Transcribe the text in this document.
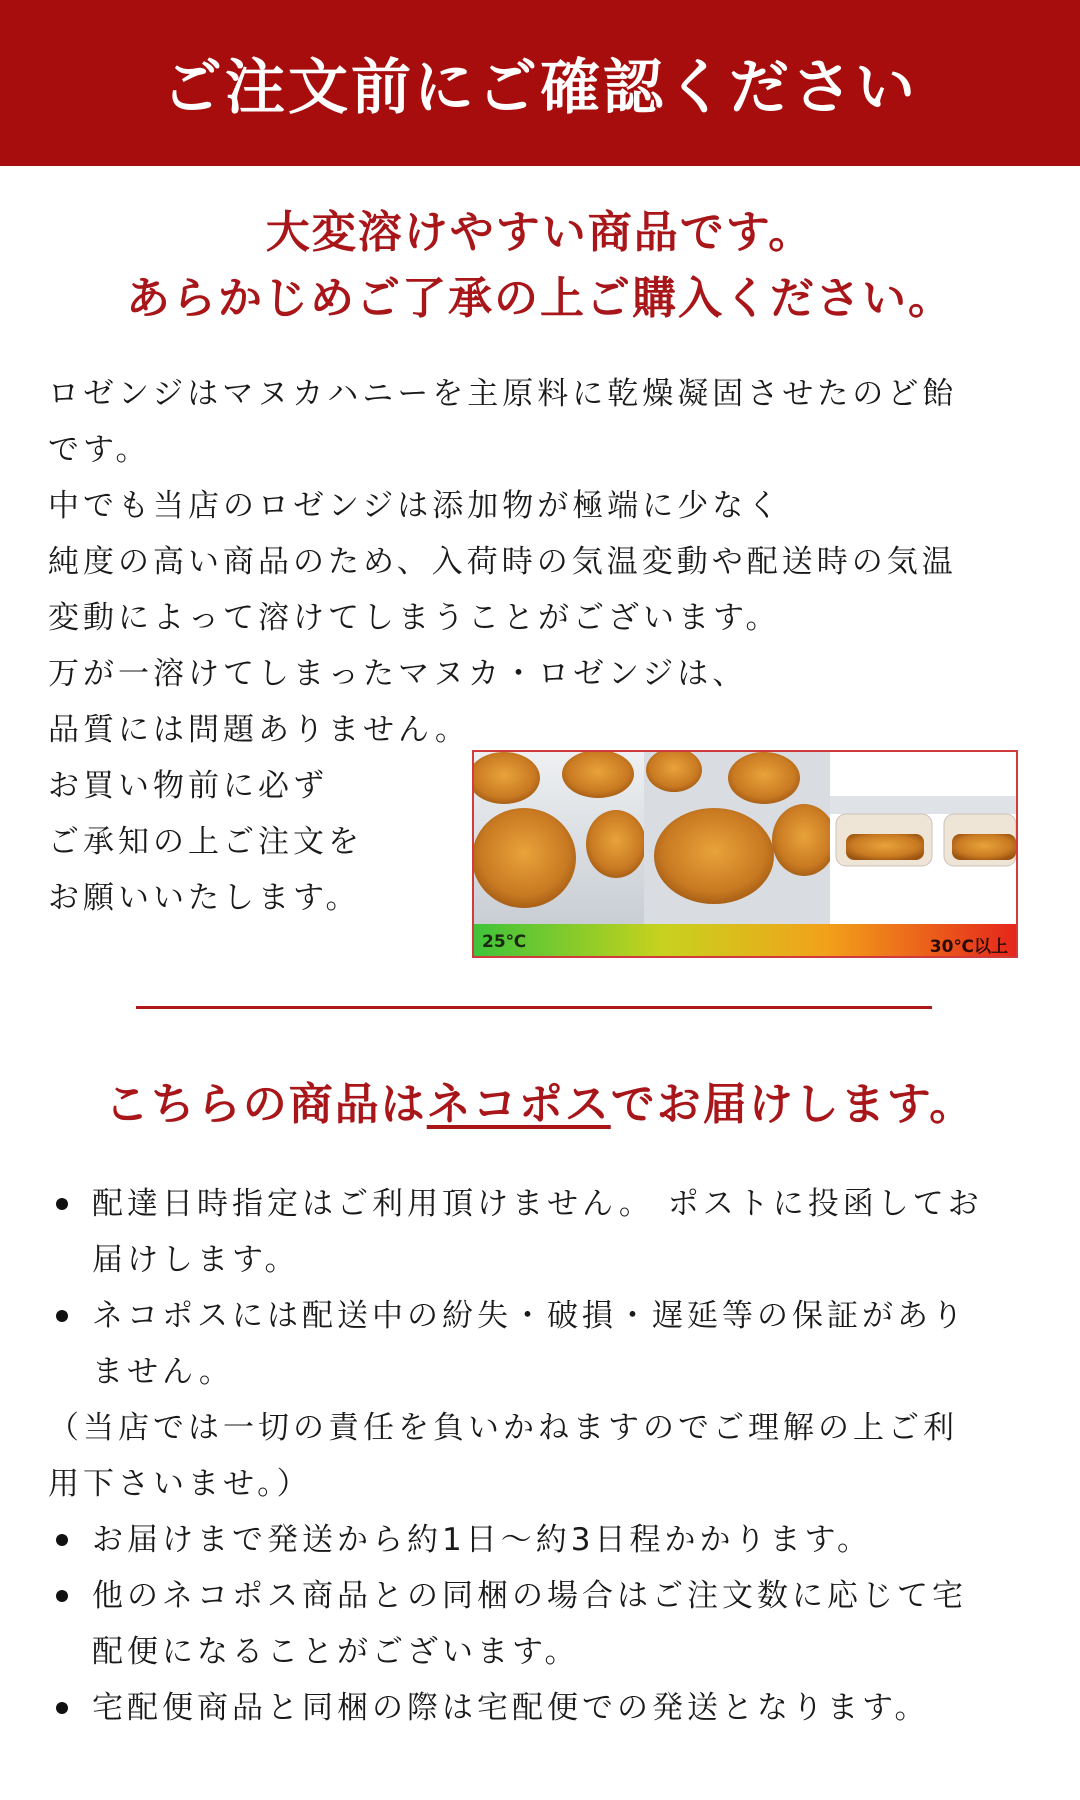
ご注文前にご確認ください
大変溶けやすい商品です。
あらかじめご了承の上ご購入ください。

ロゼンジはマヌカハニーを主原料に乾燥凝固させたのど飴

です。

中でも当店のロゼンジは添加物が極端に少なく

純度の高い商品のため、入荷時の気温変動や配送時の気温

変動によって溶けてしまうことがございます。

万が一溶けてしまったマヌカ・ロゼンジは、

品質には問題ありません。

お買い物前に必ず

ご承知の上ご注文を

お願いいたします。

25℃	30℃以上
こちらの商品はネコポスでお届けします。
配達日時指定はご利用頂けません。 ポストに投函してお
届けします。
ネコポスには配送中の紛失・破損・遅延等の保証があり
ません。
（当店では一切の責任を負いかねますのでご理解の上ご利
用下さいませ。）
お届けまで発送から約1日〜約3日程かかります。
他のネコポス商品との同梱の場合はご注文数に応じて宅
配便になることがございます。
宅配便商品と同梱の際は宅配便での発送となります。
